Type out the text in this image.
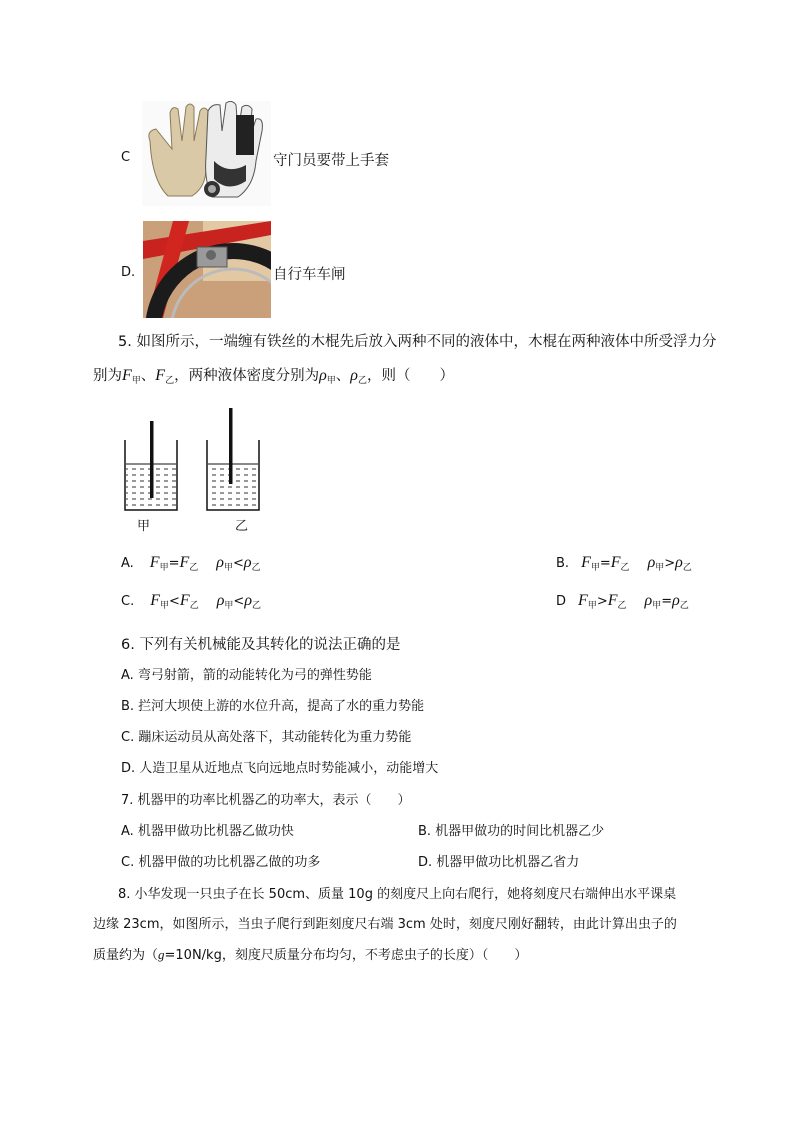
C	守门员要带上手套
D.	自行车车闸
5. 如图所示，一端缠有铁丝的木棍先后放入两种不同的液体中，木棍在两种液体中所受浮力分
别为$F_甲$、$F_乙$，两种液体密度分别为$\rho_甲$、$\rho_乙$，则（　　）
甲	乙
A. $F_甲=F_乙$ $\rho_甲<\rho_乙$	B. $F_甲=F_乙$ $\rho_甲>\rho_乙$
C. $F_甲<F_乙$ $\rho_甲<\rho_乙$	D $F_甲>F_乙$ $\rho_甲=\rho_乙$
6. 下列有关机械能及其转化的说法正确的是
A. 弯弓射箭，箭的动能转化为弓的弹性势能
B. 拦河大坝使上游的水位升高，提高了水的重力势能
C. 蹦床运动员从高处落下，其动能转化为重力势能
D. 人造卫星从近地点飞向远地点时势能减小，动能增大
7. 机器甲的功率比机器乙的功率大，表示（　　）
A. 机器甲做功比机器乙做功快	B. 机器甲做功的时间比机器乙少
C. 机器甲做的功比机器乙做的功多	D. 机器甲做功比机器乙省力
8. 小华发现一只虫子在长 50cm、质量 10g 的刻度尺上向右爬行，她将刻度尺右端伸出水平课桌
边缘 23cm，如图所示，当虫子爬行到距刻度尺右端 3cm 处时，刻度尺刚好翻转，由此计算出虫子的
质量约为（g=10N/kg，刻度尺质量分布均匀，不考虑虫子的长度）（　　）
